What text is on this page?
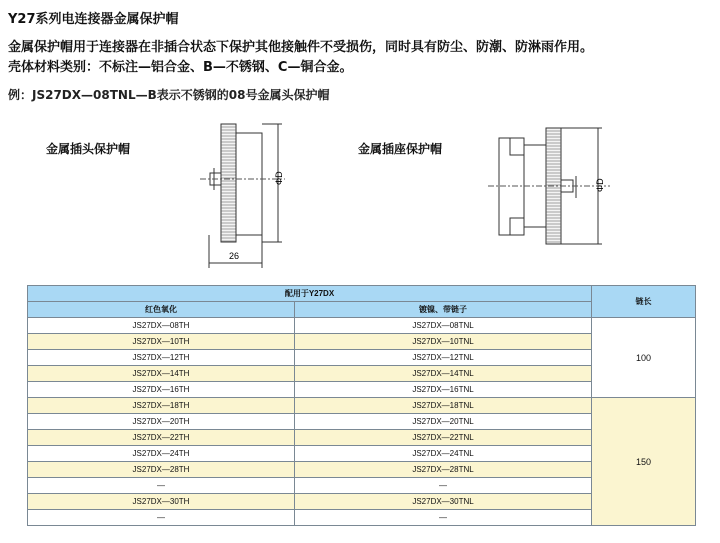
Y27系列电连接器金属保护帽
金属保护帽用于连接器在非插合状态下保护其他接触件不受损伤，同时具有防尘、防潮、防淋雨作用。
壳体材料类别：不标注—铝合金、B—不锈钢、C—铜合金。
例：JS27DX—08TNL—B表示不锈钢的08号金属头保护帽
金属插头保护帽	金属插座保护帽
ΦD
26
ΦD
配用于Y27DX		链长
红色氧化	镀镍、带链子	
JS27DX—08TH	JS27DX—08TNL	100
JS27DX—10TH	JS27DX—10TNL	
JS27DX—12TH	JS27DX—12TNL	
JS27DX—14TH	JS27DX—14TNL	
JS27DX—16TH	JS27DX—16TNL	
JS27DX—18TH	JS27DX—18TNL	150
JS27DX—20TH	JS27DX—20TNL	
JS27DX—22TH	JS27DX—22TNL	
JS27DX—24TH	JS27DX—24TNL	
JS27DX—28TH	JS27DX—28TNL	
—	—	
JS27DX—30TH	JS27DX—30TNL	
—	—	
